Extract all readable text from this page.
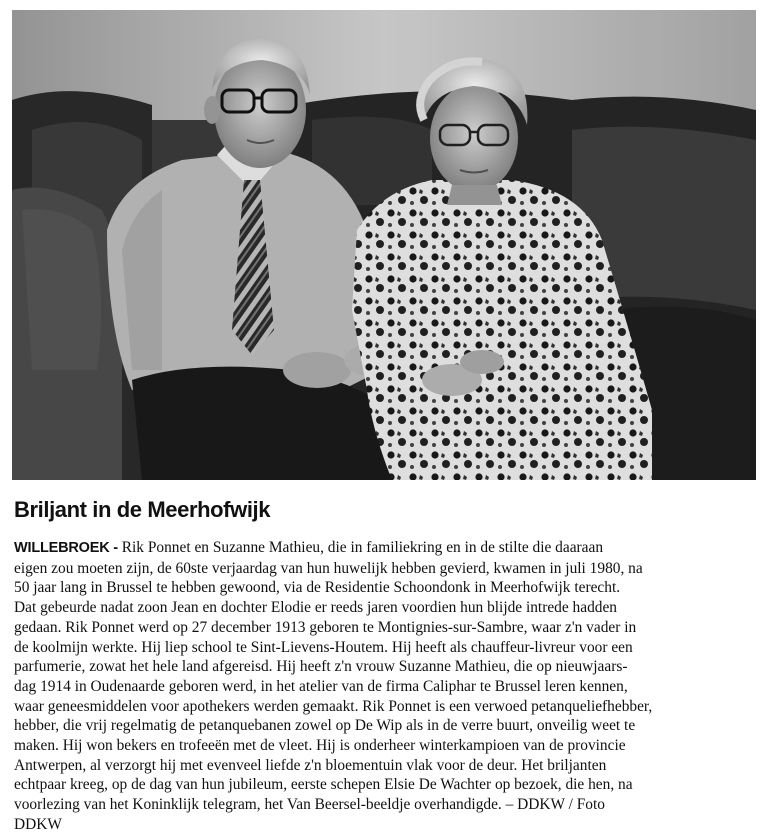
Briljant in de Meerhofwijk
WILLEBROEK - Rik Ponnet en Suzanne Mathieu, die in familiekring en in de stilte die daaraan
eigen zou moeten zijn, de 60ste verjaardag van hun huwelijk hebben gevierd, kwamen in juli 1980, na
50 jaar lang in Brussel te hebben gewoond, via de Residentie Schoondonk in Meerhofwijk terecht.
Dat gebeurde nadat zoon Jean en dochter Elodie er reeds jaren voordien hun blijde intrede hadden
gedaan. Rik Ponnet werd op 27 december 1913 geboren te Montignies-sur-Sambre, waar z'n vader in
de koolmijn werkte. Hij liep school te Sint-Lievens-Houtem. Hij heeft als chauffeur-livreur voor een
parfumerie, zowat het hele land afgereisd. Hij heeft z'n vrouw Suzanne Mathieu, die op nieuwjaars-
dag 1914 in Oudenaarde geboren werd, in het atelier van de firma Caliphar te Brussel leren kennen,
waar geneesmiddelen voor apothekers werden gemaakt. Rik Ponnet is een verwoed petanqueliefhebber,
hebber, die vrij regelmatig de petanquebanen zowel op De Wip als in de verre buurt, onveilig weet te
maken. Hij won bekers en trofeeën met de vleet. Hij is onderheer winterkampioen van de provincie
Antwerpen, al verzorgt hij met evenveel liefde z'n bloementuin vlak voor de deur. Het briljanten
echtpaar kreeg, op de dag van hun jubileum, eerste schepen Elsie De Wachter op bezoek, die hen, na
voorlezing van het Koninklijk telegram, het Van Beersel-beeldje overhandigde. – DDKW / Foto
DDKW
